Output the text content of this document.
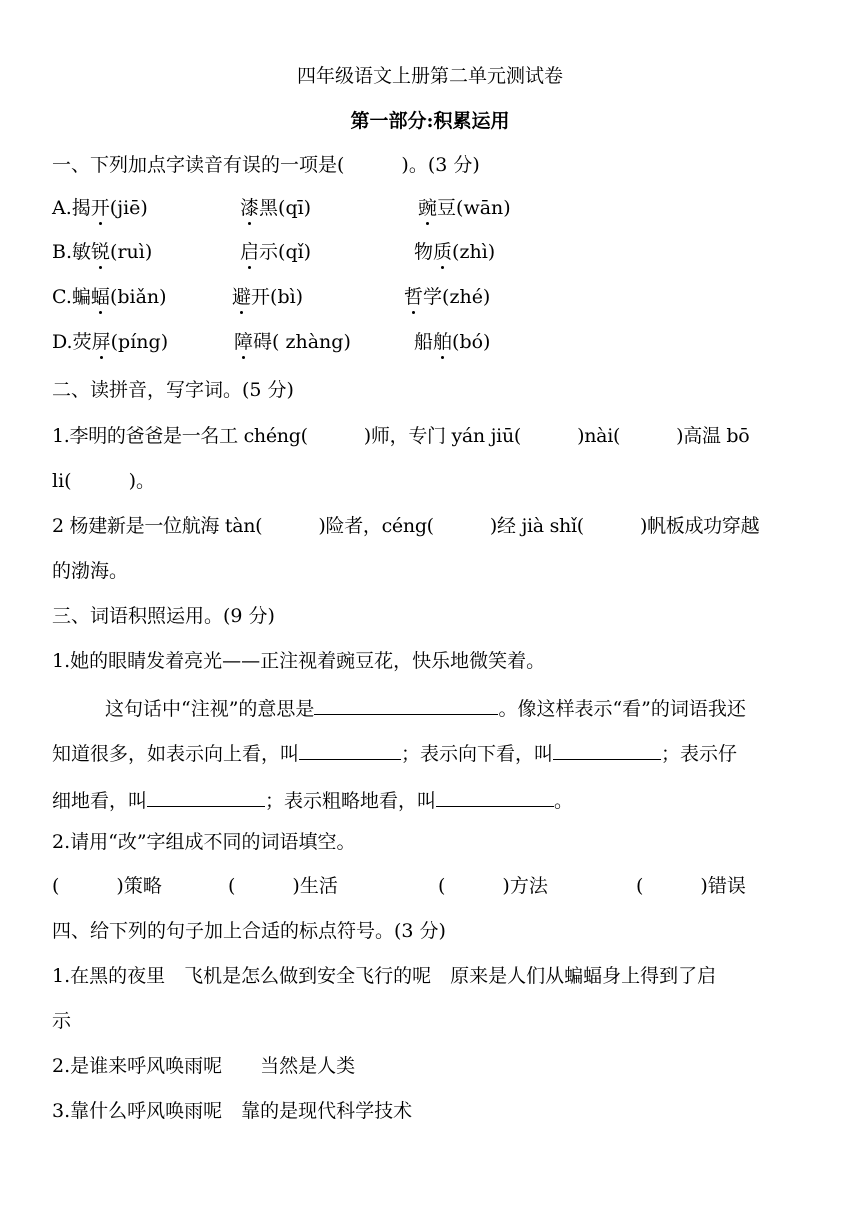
四年级语文上册第二单元测试卷
第一部分:积累运用
一、下列加点字读音有误的一项是(　　　)。(3 分)
A.揭开(jiē)	漆黑(qī)	豌豆(wān)
B.敏锐(ruì)	启示(qǐ)	物质(zhì)
C.蝙蝠(biǎn)	避开(bì)	哲学(zhé)
D.荧屏(píng)	障碍( zhàng)	船舶(bó)
二、读拼音，写字词。(5 分)
1.李明的爸爸是一名工 chéng(　　　)师，专门 yán jiū(　　　)nài(　　　)高温 bō
li(　　　)。
2 杨建新是一位航海 tàn(　　　)险者，céng(　　　)经 jià shǐ(　　　)帆板成功穿越
的渤海。
三、词语积照运用。(9 分)
1.她的眼睛发着亮光——正注视着豌豆花，快乐地微笑着。
这句话中“注视”的意思是	。像这样表示“看”的词语我还
知道很多，如表示向上看，叫	；表示向下看，叫	；表示仔
细地看，叫	；表示粗略地看，叫	。
2.请用“改”字组成不同的词语填空。
(　　　)策略	(　　　)生活	(　　　)方法	(　　　)错误
四、给下列的句子加上合适的标点符号。(3 分)
1.在黑的夜里　飞机是怎么做到安全飞行的呢　原来是人们从蝙蝠身上得到了启
示
2.是谁来呼风唤雨呢　　当然是人类
3.靠什么呼风唤雨呢　靠的是现代科学技术
